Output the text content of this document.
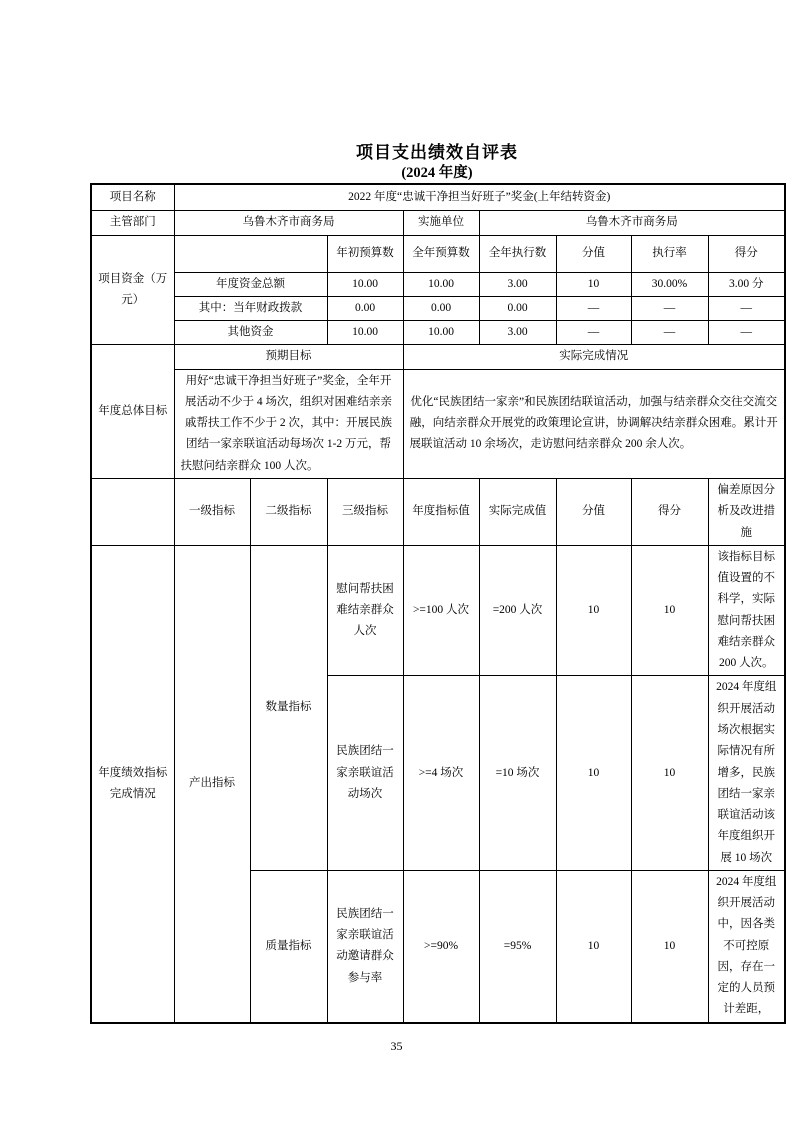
项目支出绩效自评表
(2024 年度)
项目名称	2022 年度“忠诚干净担当好班子”奖金(上年结转资金)							
主管部门	乌鲁木齐市商务局			实施单位	乌鲁木齐市商务局			
项目资金（万元）			年初预算数	全年预算数	全年执行数	分值	执行率	得分
	年度资金总额		10.00	10.00	3.00	10	30.00%	3.00 分
	其中：当年财政拨款		0.00	0.00	0.00	—	—	—
	其他资金		10.00	10.00	3.00	—	—	—
年度总体目标	预期目标			实际完成情况				
	用好“忠诚干净担当好班子”奖金，全年开展活动不少于 4 场次，组织对困难结亲亲戚帮扶工作不少于 2 次，其中：开展民族团结一家亲联谊活动每场次 1-2 万元，帮扶慰问结亲群众 100 人次。			优化“民族团结一家亲”和民族团结联谊活动，加强与结亲群众交往交流交融，向结亲群众开展党的政策理论宣讲，协调解决结亲群众困难。累计开展联谊活动 10 余场次，走访慰问结亲群众 200 余人次。				
	一级指标	二级指标	三级指标	年度指标值	实际完成值	分值	得分	偏差原因分析及改进措施
年度绩效指标完成情况	产出指标	数量指标	慰问帮扶困难结亲群众人次	>=100 人次	=200 人次	10	10	该指标目标值设置的不科学，实际慰问帮扶困难结亲群众 200 人次。
			民族团结一家亲联谊活动场次	>=4 场次	=10 场次	10	10	2024 年度组织开展活动场次根据实际情况有所增多，民族团结一家亲联谊活动该年度组织开展 10 场次
		质量指标	民族团结一家亲联谊活动邀请群众参与率	>=90%	=95%	10	10	2024 年度组织开展活动中，因各类不可控原因，存在一定的人员预计差距，
35
